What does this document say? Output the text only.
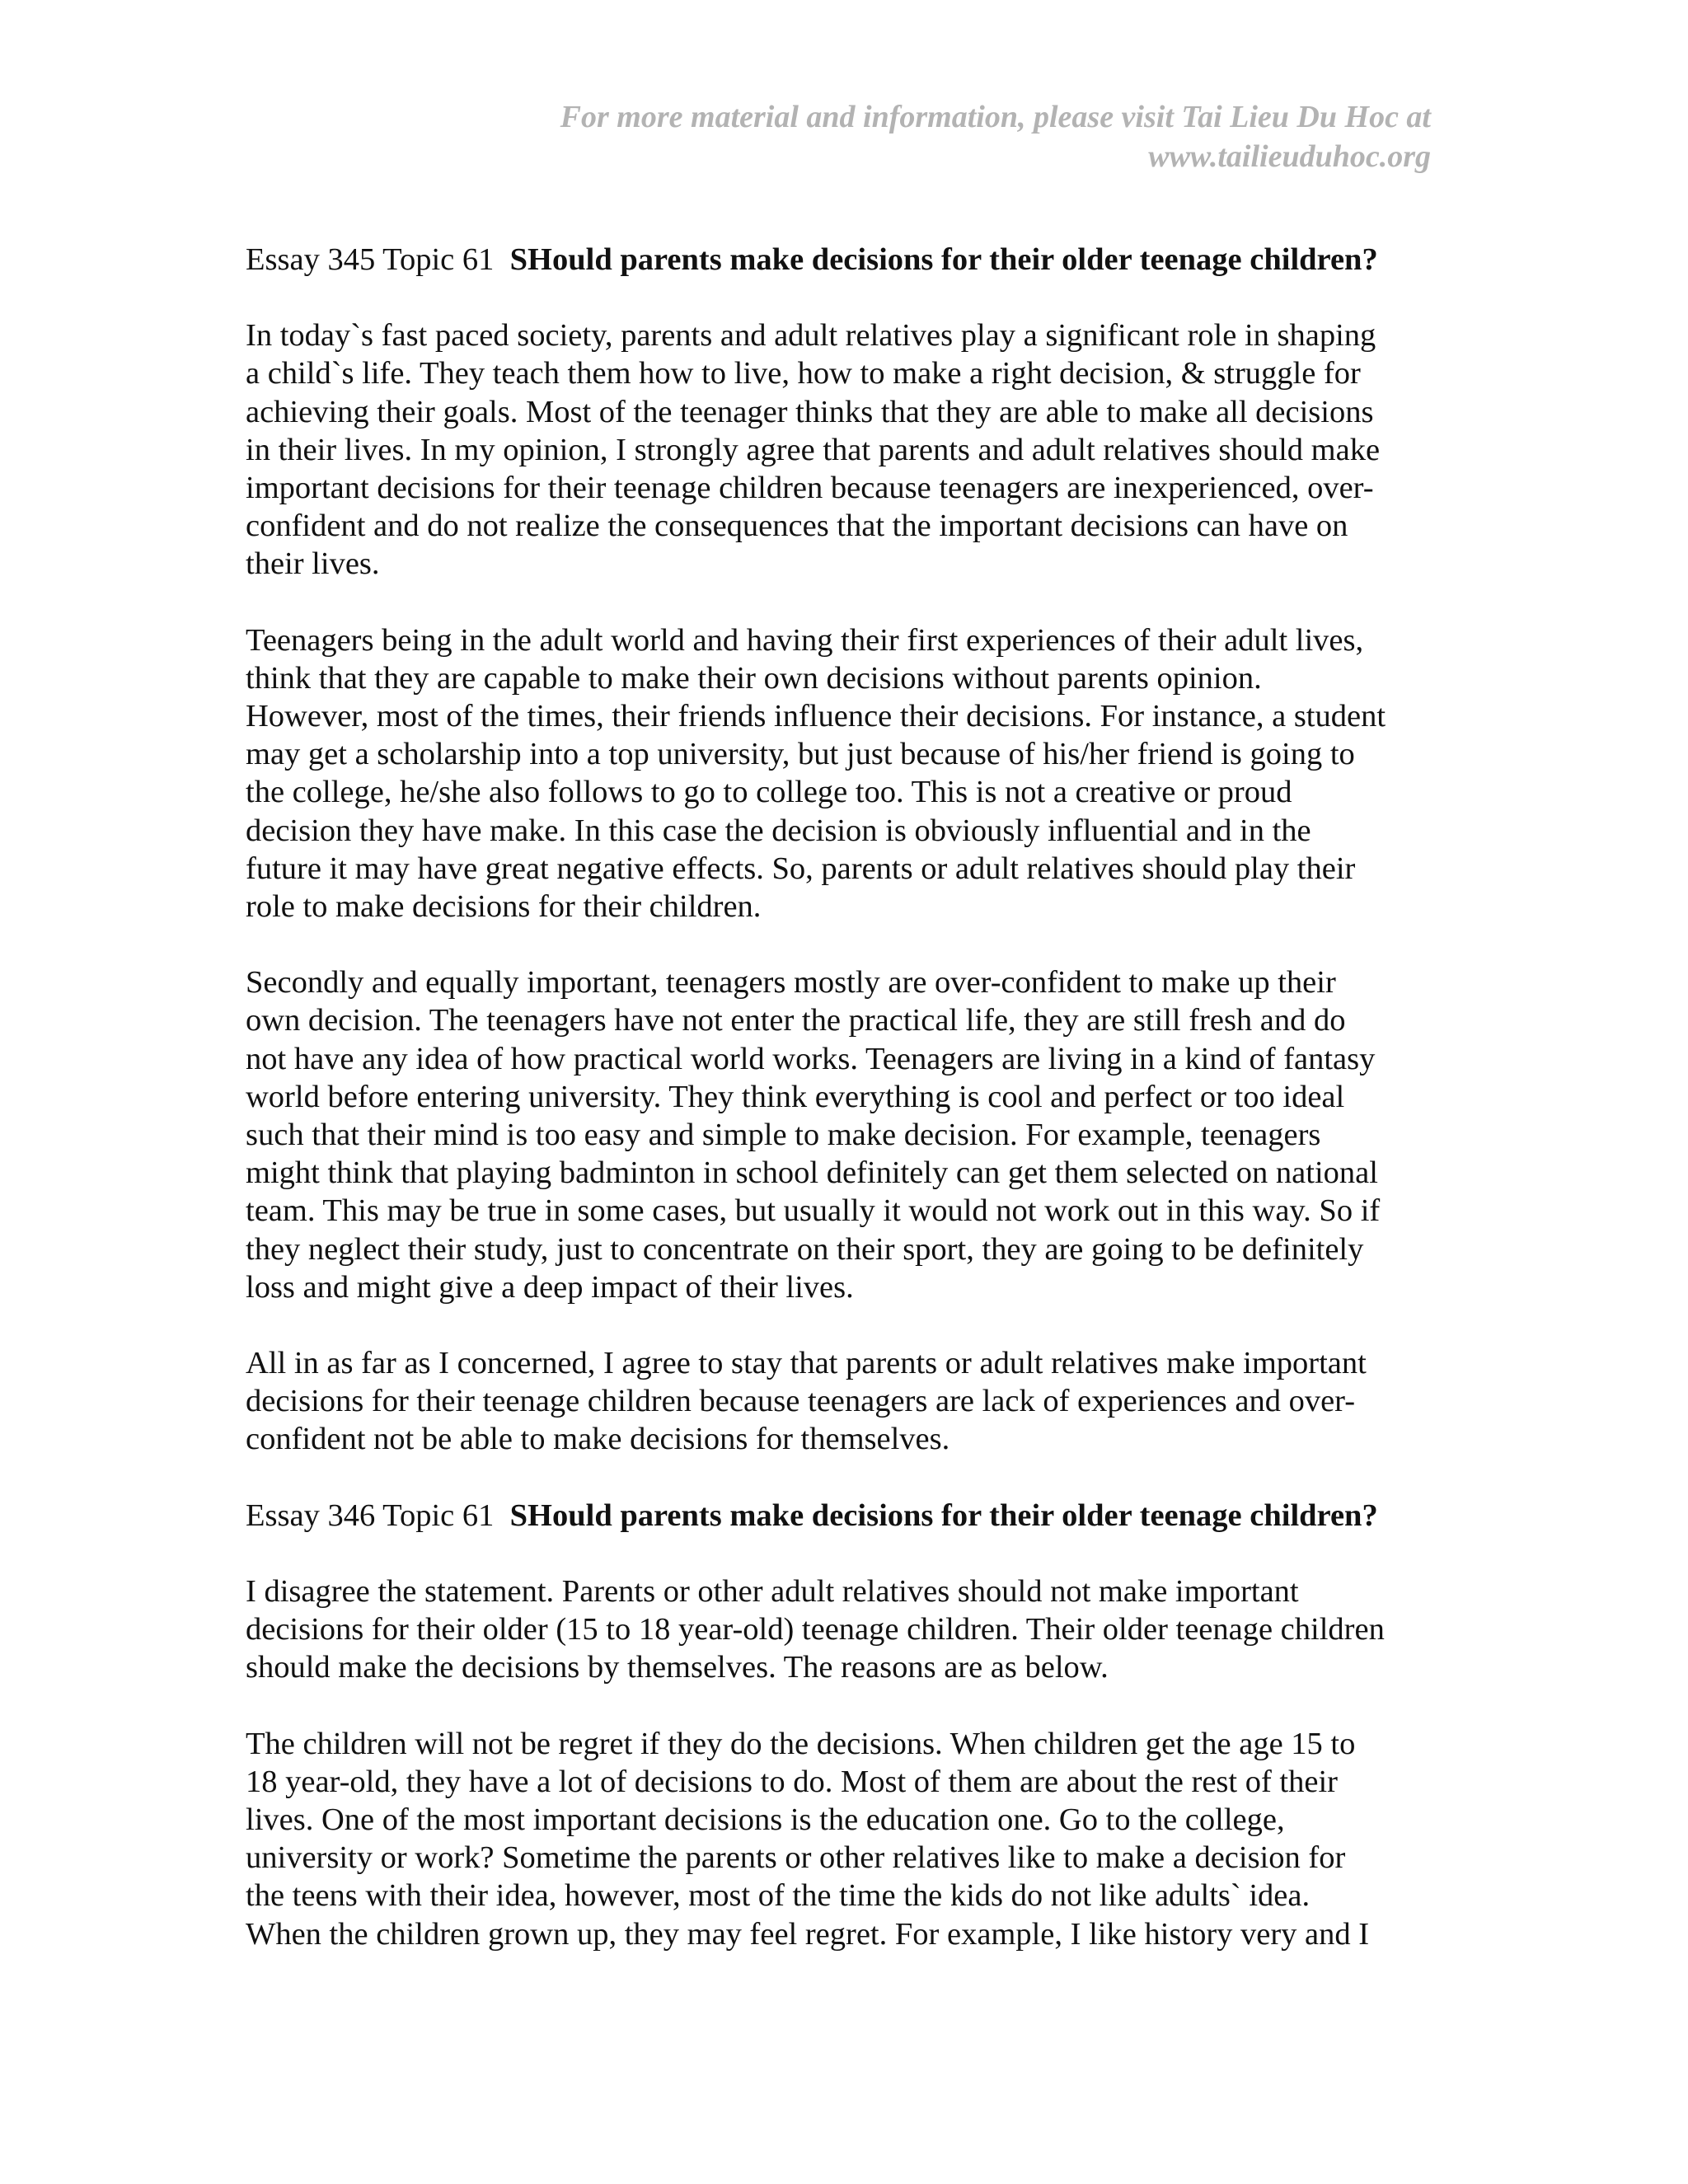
For more material and information, please visit Tai Lieu Du Hoc at
www.tailieuduhoc.org
Essay 345 Topic 61 SHould parents make decisions for their older teenage children?
In today`s fast paced society, parents and adult relatives play a significant role in shaping
a child`s life. They teach them how to live, how to make a right decision, & struggle for
achieving their goals. Most of the teenager thinks that they are able to make all decisions
in their lives. In my opinion, I strongly agree that parents and adult relatives should make
important decisions for their teenage children because teenagers are inexperienced, over-
confident and do not realize the consequences that the important decisions can have on
their lives.
Teenagers being in the adult world and having their first experiences of their adult lives,
think that they are capable to make their own decisions without parents opinion.
However, most of the times, their friends influence their decisions. For instance, a student
may get a scholarship into a top university, but just because of his/her friend is going to
the college, he/she also follows to go to college too. This is not a creative or proud
decision they have make. In this case the decision is obviously influential and in the
future it may have great negative effects. So, parents or adult relatives should play their
role to make decisions for their children.
Secondly and equally important, teenagers mostly are over-confident to make up their
own decision. The teenagers have not enter the practical life, they are still fresh and do
not have any idea of how practical world works. Teenagers are living in a kind of fantasy
world before entering university. They think everything is cool and perfect or too ideal
such that their mind is too easy and simple to make decision. For example, teenagers
might think that playing badminton in school definitely can get them selected on national
team. This may be true in some cases, but usually it would not work out in this way. So if
they neglect their study, just to concentrate on their sport, they are going to be definitely
loss and might give a deep impact of their lives.
All in as far as I concerned, I agree to stay that parents or adult relatives make important
decisions for their teenage children because teenagers are lack of experiences and over-
confident not be able to make decisions for themselves.
Essay 346 Topic 61 SHould parents make decisions for their older teenage children?
I disagree the statement. Parents or other adult relatives should not make important
decisions for their older (15 to 18 year-old) teenage children. Their older teenage children
should make the decisions by themselves. The reasons are as below.
The children will not be regret if they do the decisions. When children get the age 15 to
18 year-old, they have a lot of decisions to do. Most of them are about the rest of their
lives. One of the most important decisions is the education one. Go to the college,
university or work? Sometime the parents or other relatives like to make a decision for
the teens with their idea, however, most of the time the kids do not like adults` idea.
When the children grown up, they may feel regret. For example, I like history very and I
